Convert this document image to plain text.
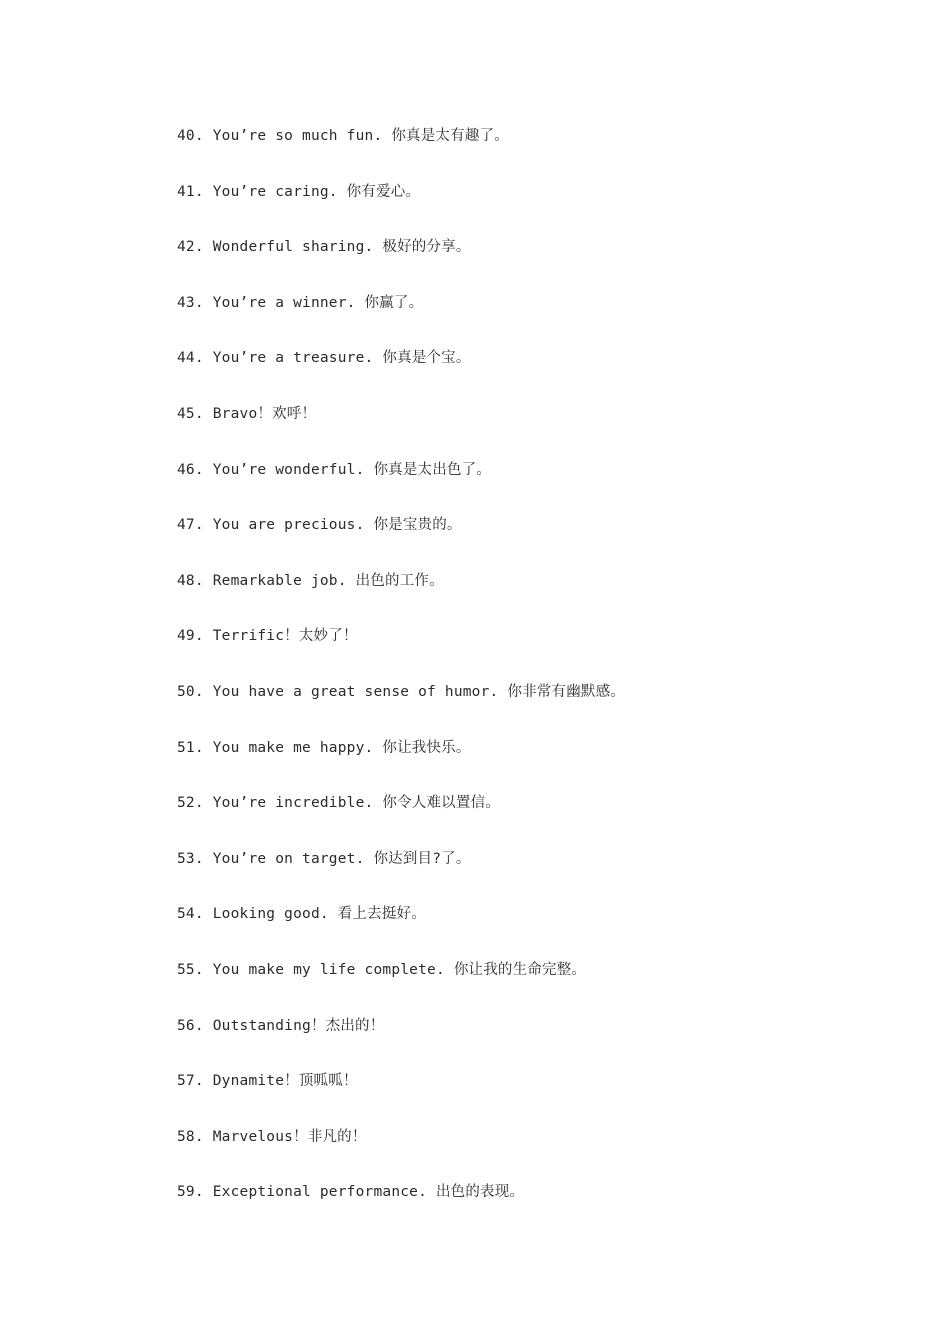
40. You’re so much fun. 你真是太有趣了。
41. You’re caring. 你有爱心。
42. Wonderful sharing. 极好的分享。
43. You’re a winner. 你赢了。
44. You’re a treasure. 你真是个宝。
45. Bravo！欢呼！
46. You’re wonderful. 你真是太出色了。
47. You are precious. 你是宝贵的。
48. Remarkable job. 出色的工作。
49. Terrific！太妙了！
50. You have a great sense of humor. 你非常有幽默感。
51. You make me happy. 你让我快乐。
52. You’re incredible. 你令人难以置信。
53. You’re on target. 你达到目?了。
54. Looking good. 看上去挺好。
55. You make my life complete. 你让我的生命完整。
56. Outstanding！杰出的！
57. Dynamite！顶呱呱！
58. Marvelous！非凡的！
59. Exceptional performance. 出色的表现。
